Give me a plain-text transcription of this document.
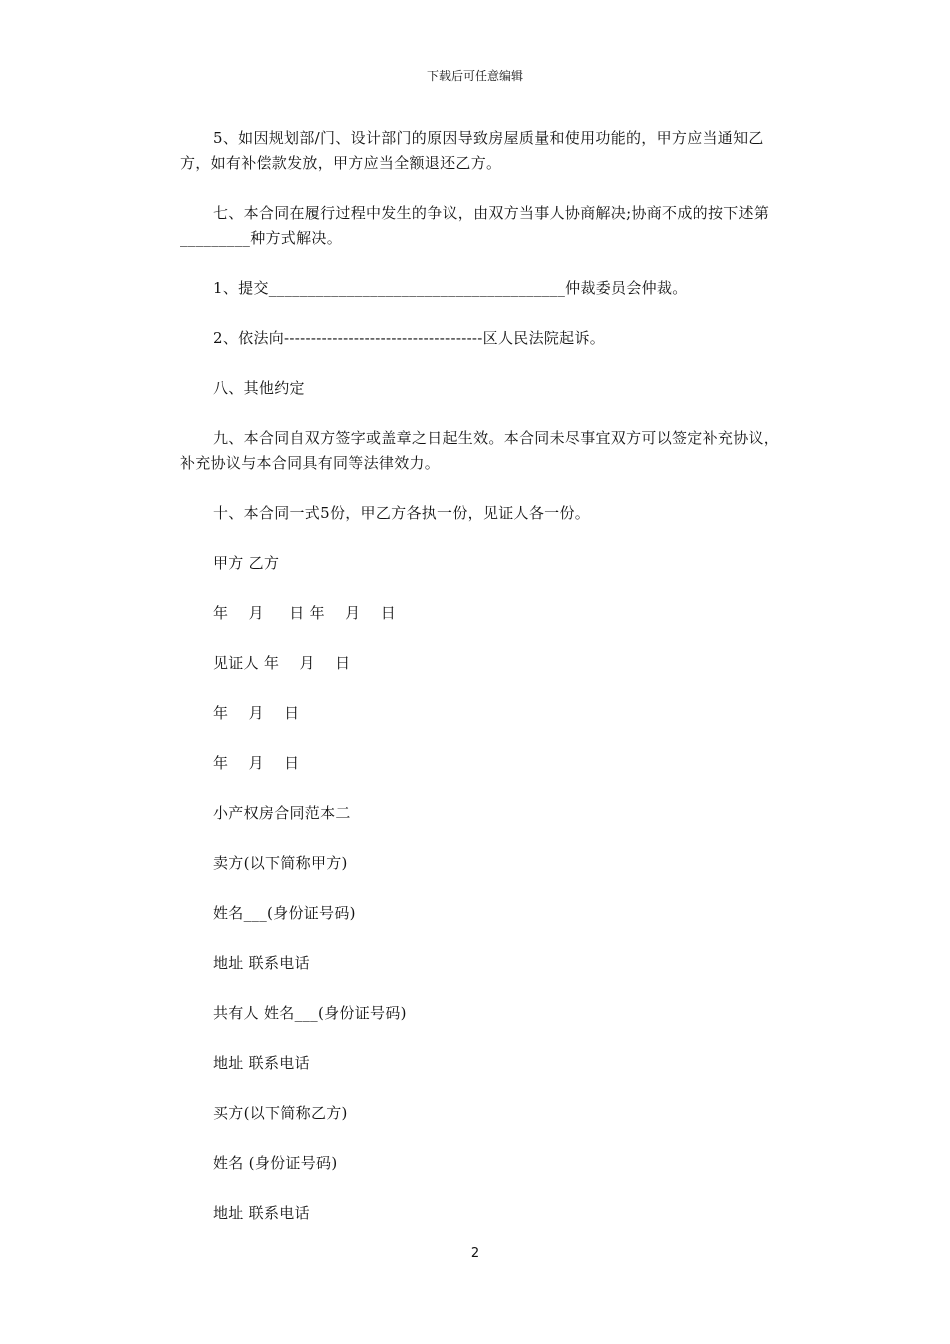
下载后可任意编辑

5、如因规划部/门、设计部门的原因导致房屋质量和使用功能的，甲方应当通知乙方，如有补偿款发放，甲方应当全额退还乙方。

七、本合同在履行过程中发生的争议，由双方当事人协商解决;协商不成的按下述第_________种方式解决。

1、提交______________________________________仲裁委员会仲裁。

2、依法向-------------------------------------区人民法院起诉。

八、其他约定

九、本合同自双方签字或盖章之日起生效。本合同未尽事宜双方可以签定补充协议，补充协议与本合同具有同等法律效力。

十、本合同一式5份，甲乙方各执一份，见证人各一份。

甲方 乙方

年    月     日 年    月    日

见证人 年    月    日

年    月    日

年    月    日

小产权房合同范本二

卖方(以下简称甲方)

姓名___(身份证号码)

地址 联系电话

共有人 姓名___(身份证号码)

地址 联系电话

买方(以下简称乙方)

姓名 (身份证号码)

地址 联系电话

2
